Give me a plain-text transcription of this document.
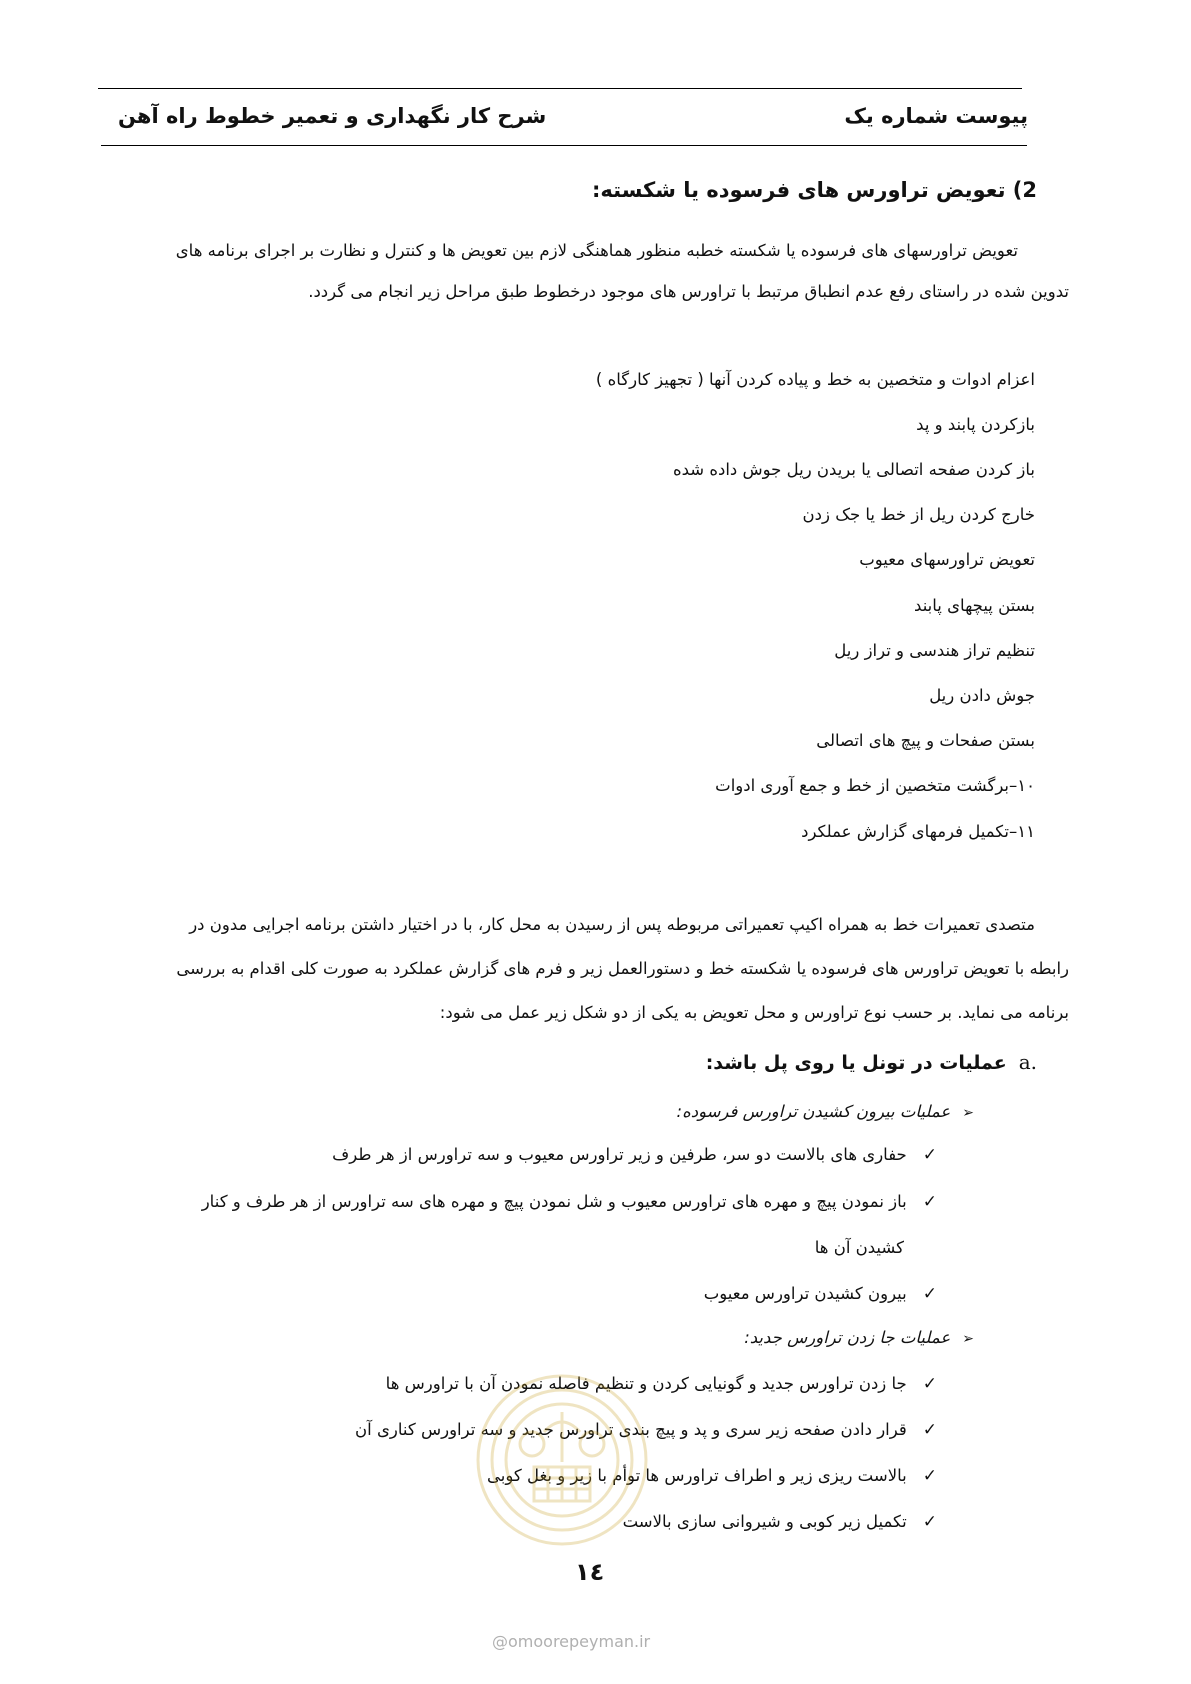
پیوست شماره یک
شرح کار نگهداری و تعمیر خطوط راه آهن
2) تعویض تراورس های فرسوده یا شکسته:
تعویض تراورسهای های فرسوده یا شکسته خطبه منظور هماهنگی لازم بین تعویض ها و کنترل و نظارت بر اجرای برنامه های
تدوین شده در راستای رفع عدم انطباق مرتبط با تراورس های موجود درخطوط طبق مراحل زیر انجام می گردد.
اعزام ادوات و متخصین به خط و پیاده کردن آنها ( تجهیز کارگاه )
بازکردن پابند و پد
باز کردن صفحه اتصالی یا بریدن ریل جوش داده شده
خارج کردن ریل از خط یا جک زدن
تعویض تراورسهای معیوب
بستن پیچهای پابند
تنظیم تراز هندسی و تراز ریل
جوش دادن ریل
بستن صفحات و پیچ های اتصالی
۱۰–برگشت متخصین از خط و جمع آوری ادوات
۱۱–تکمیل فرمهای گزارش عملکرد
متصدی تعمیرات خط به همراه اکیپ تعمیراتی مربوطه پس از رسیدن به محل کار، با در اختیار داشتن برنامه اجرایی مدون در
رابطه با تعویض تراورس های فرسوده یا شکسته خط و دستورالعمل زیر و فرم های گزارش عملکرد به صورت کلی اقدام به بررسی
برنامه می نماید. بر حسب نوع تراورس و محل تعویض به یکی از دو شکل زیر عمل می شود:
a.عملیات در تونل یا روی پل باشد:
➢عملیات بیرون کشیدن تراورس فرسوده:
✓حفاری های بالاست دو سر، طرفین و زیر تراورس معیوب و سه تراورس از هر طرف
✓باز نمودن پیچ و مهره های تراورس معیوب و شل نمودن پیچ و مهره های سه تراورس از هر طرف و کنار
کشیدن آن ها
✓بیرون کشیدن تراورس معیوب
➢عملیات جا زدن تراورس جدید:
✓جا زدن تراورس جدید و گونیایی کردن و تنظیم فاصله نمودن آن با تراورس ها
✓قرار دادن صفحه زیر سری و پد و پیچ بندی تراورس جدید و سه تراورس کناری آن
✓بالاست ریزی زیر و اطراف تراورس ها توأم با زیر و بغل کوبی
✓تکمیل زیر کوبی و شیروانی سازی بالاست
۱٤
@omoorepeyman.ir
